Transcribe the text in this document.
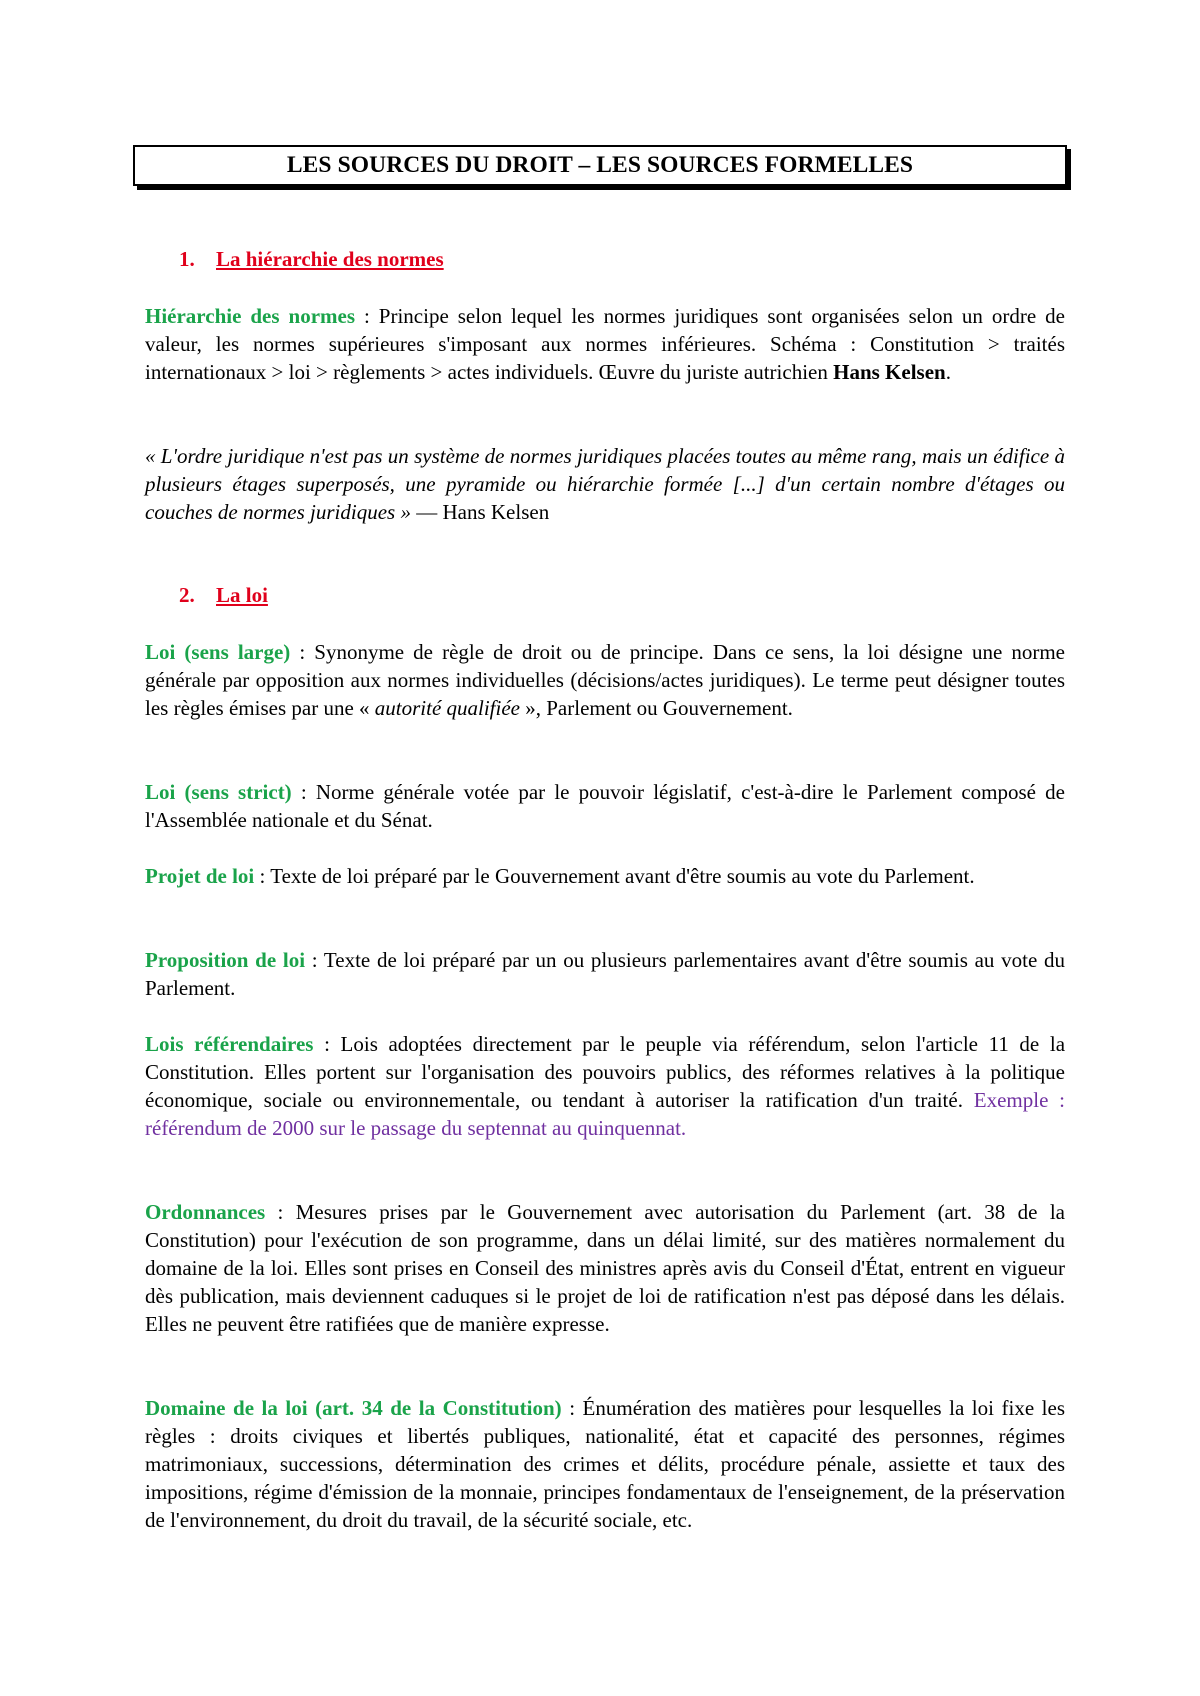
LES SOURCES DU DROIT – LES SOURCES FORMELLES
1. La hiérarchie des normes

Hiérarchie des normes : Principe selon lequel les normes juridiques sont organisées selon un ordre de valeur, les normes supérieures s'imposant aux normes inférieures. Schéma : Constitution > traités internationaux > loi > règlements > actes individuels. Œuvre du juriste autrichien Hans Kelsen.

« L'ordre juridique n'est pas un système de normes juridiques placées toutes au même rang, mais un édifice à plusieurs étages superposés, une pyramide ou hiérarchie formée [...] d'un certain nombre d'étages ou couches de normes juridiques » — Hans Kelsen

2. La loi

Loi (sens large) : Synonyme de règle de droit ou de principe. Dans ce sens, la loi désigne une norme générale par opposition aux normes individuelles (décisions/actes juridiques). Le terme peut désigner toutes les règles émises par une « autorité qualifiée », Parlement ou Gouvernement.

Loi (sens strict) : Norme générale votée par le pouvoir législatif, c'est-à-dire le Parlement composé de l'Assemblée nationale et du Sénat.

Projet de loi : Texte de loi préparé par le Gouvernement avant d'être soumis au vote du Parlement.

Proposition de loi : Texte de loi préparé par un ou plusieurs parlementaires avant d'être soumis au vote du Parlement.

Lois référendaires : Lois adoptées directement par le peuple via référendum, selon l'article 11 de la Constitution. Elles portent sur l'organisation des pouvoirs publics, des réformes relatives à la politique économique, sociale ou environnementale, ou tendant à autoriser la ratification d'un traité. Exemple : référendum de 2000 sur le passage du septennat au quinquennat.

Ordonnances : Mesures prises par le Gouvernement avec autorisation du Parlement (art. 38 de la Constitution) pour l'exécution de son programme, dans un délai limité, sur des matières normalement du domaine de la loi. Elles sont prises en Conseil des ministres après avis du Conseil d'État, entrent en vigueur dès publication, mais deviennent caduques si le projet de loi de ratification n'est pas déposé dans les délais. Elles ne peuvent être ratifiées que de manière expresse.

Domaine de la loi (art. 34 de la Constitution) : Énumération des matières pour lesquelles la loi fixe les règles : droits civiques et libertés publiques, nationalité, état et capacité des personnes, régimes matrimoniaux, successions, détermination des crimes et délits, procédure pénale, assiette et taux des impositions, régime d'émission de la monnaie, principes fondamentaux de l'enseignement, de la préservation de l'environnement, du droit du travail, de la sécurité sociale, etc.
